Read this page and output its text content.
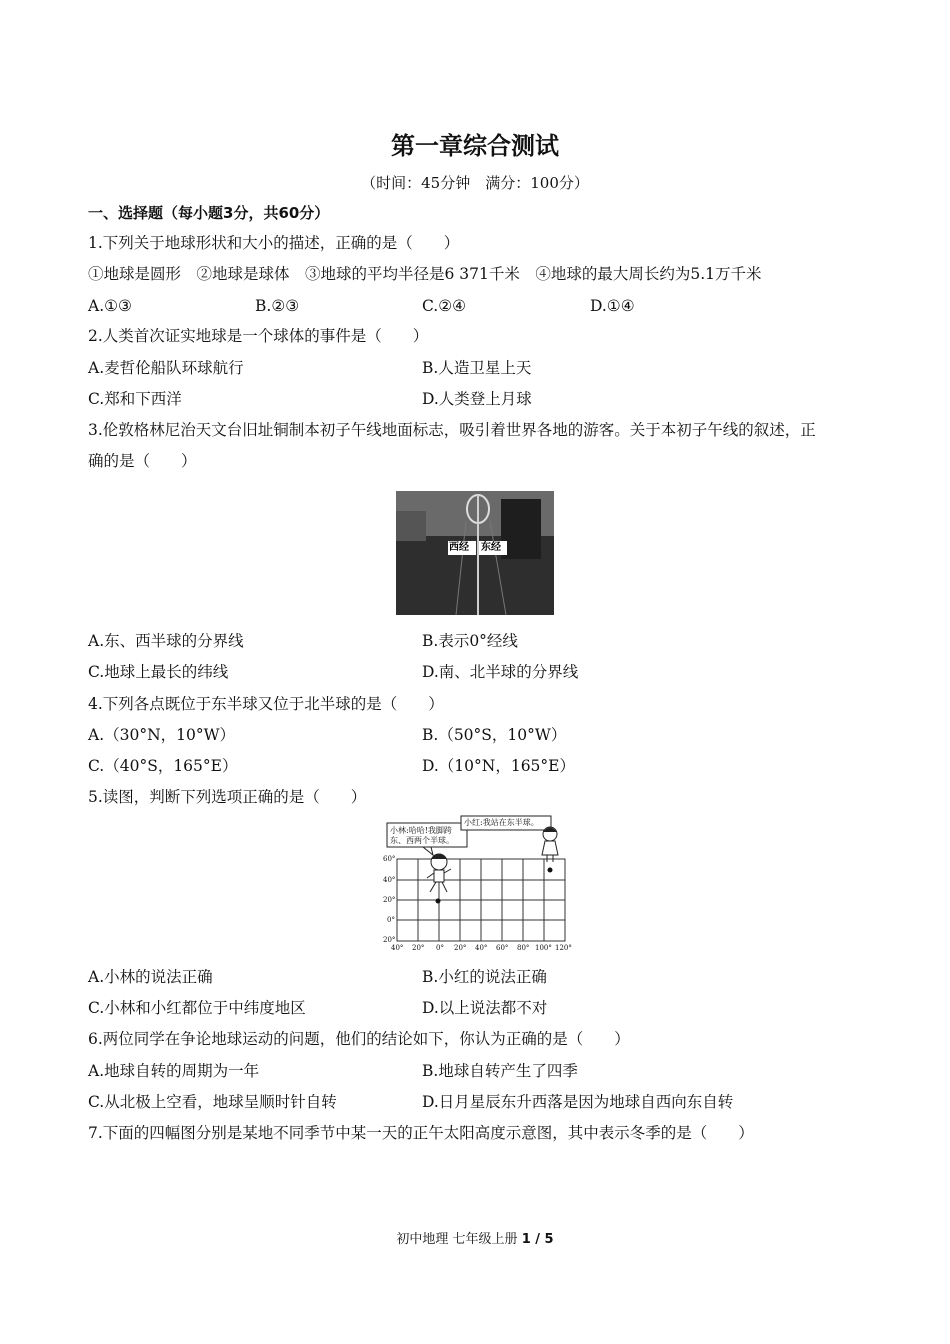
第一章综合测试
（时间：45分钟　满分：100分）
一、选择题（每小题3分，共60分）
1.下列关于地球形状和大小的描述，正确的是（　　）
①地球是圆形　②地球是球体　③地球的平均半径是6 371千米　④地球的最大周长约为5.1万千米
A.①③	B.②③	C.②④	D.①④
2.人类首次证实地球是一个球体的事件是（　　）
A.麦哲伦船队环球航行	B.人造卫星上天
C.郑和下西洋	D.人类登上月球
3.伦敦格林尼治天文台旧址铜制本初子午线地面标志，吸引着世界各地的游客。关于本初子午线的叙述，正
确的是（　　）
西经 东经
A.东、西半球的分界线	B.表示0°经线
C.地球上最长的纬线	D.南、北半球的分界线
4.下列各点既位于东半球又位于北半球的是（　　）
A.（30°N，10°W）	B.（50°S，10°W）
C.（40°S，165°E）	D.（10°N，165°E）
5.读图，判断下列选项正确的是（　　）
小林:哈哈!我脚跨
东、西两个半球。
小红:我站在东半球。
60°
40°
20°
0°
20°
40° 20° 0° 20° 40° 60° 80° 100° 120°
A.小林的说法正确	B.小红的说法正确
C.小林和小红都位于中纬度地区	D.以上说法都不对
6.两位同学在争论地球运动的问题，他们的结论如下，你认为正确的是（　　）
A.地球自转的周期为一年	B.地球自转产生了四季
C.从北极上空看，地球呈顺时针自转	D.日月星辰东升西落是因为地球自西向东自转
7.下面的四幅图分别是某地不同季节中某一天的正午太阳高度示意图，其中表示冬季的是（　　）
初中地理 七年级上册 1 / 5
